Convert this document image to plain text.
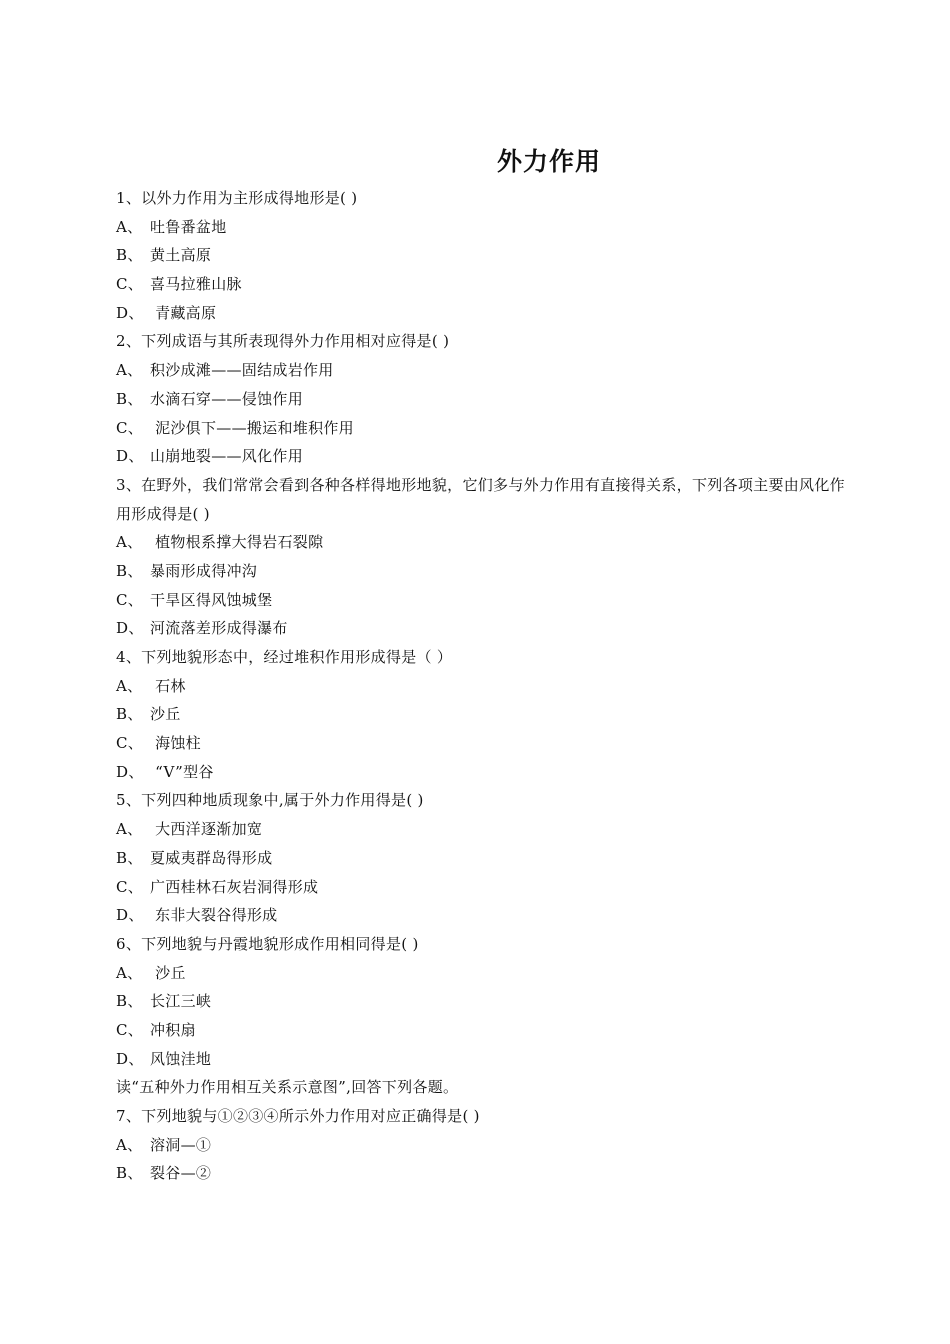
外力作用
1、以外力作用为主形成得地形是( )
A、 吐鲁番盆地
B、 黄土高原
C、 喜马拉雅山脉
D、 青藏高原
2、下列成语与其所表现得外力作用相对应得是( )
A、 积沙成滩——固结成岩作用
B、 水滴石穿——侵蚀作用
C、 泥沙俱下——搬运和堆积作用
D、 山崩地裂——风化作用
3、在野外，我们常常会看到各种各样得地形地貌，它们多与外力作用有直接得关系，下列各项主要由风化作用形成得是( )
A、 植物根系撑大得岩石裂隙
B、 暴雨形成得冲沟
C、 干旱区得风蚀城堡
D、 河流落差形成得瀑布
4、下列地貌形态中，经过堆积作用形成得是（ ）
A、 石林
B、 沙丘
C、 海蚀柱
D、 “V”型谷
5、下列四种地质现象中,属于外力作用得是( )
A、 大西洋逐渐加宽
B、 夏威夷群岛得形成
C、 广西桂林石灰岩洞得形成
D、 东非大裂谷得形成
6、下列地貌与丹霞地貌形成作用相同得是( )
A、 沙丘
B、 长江三峡
C、 冲积扇
D、 风蚀洼地
读“五种外力作用相互关系示意图”,回答下列各题。
7、下列地貌与①②③④所示外力作用对应正确得是( )
A、 溶洞—①
B、 裂谷—②
